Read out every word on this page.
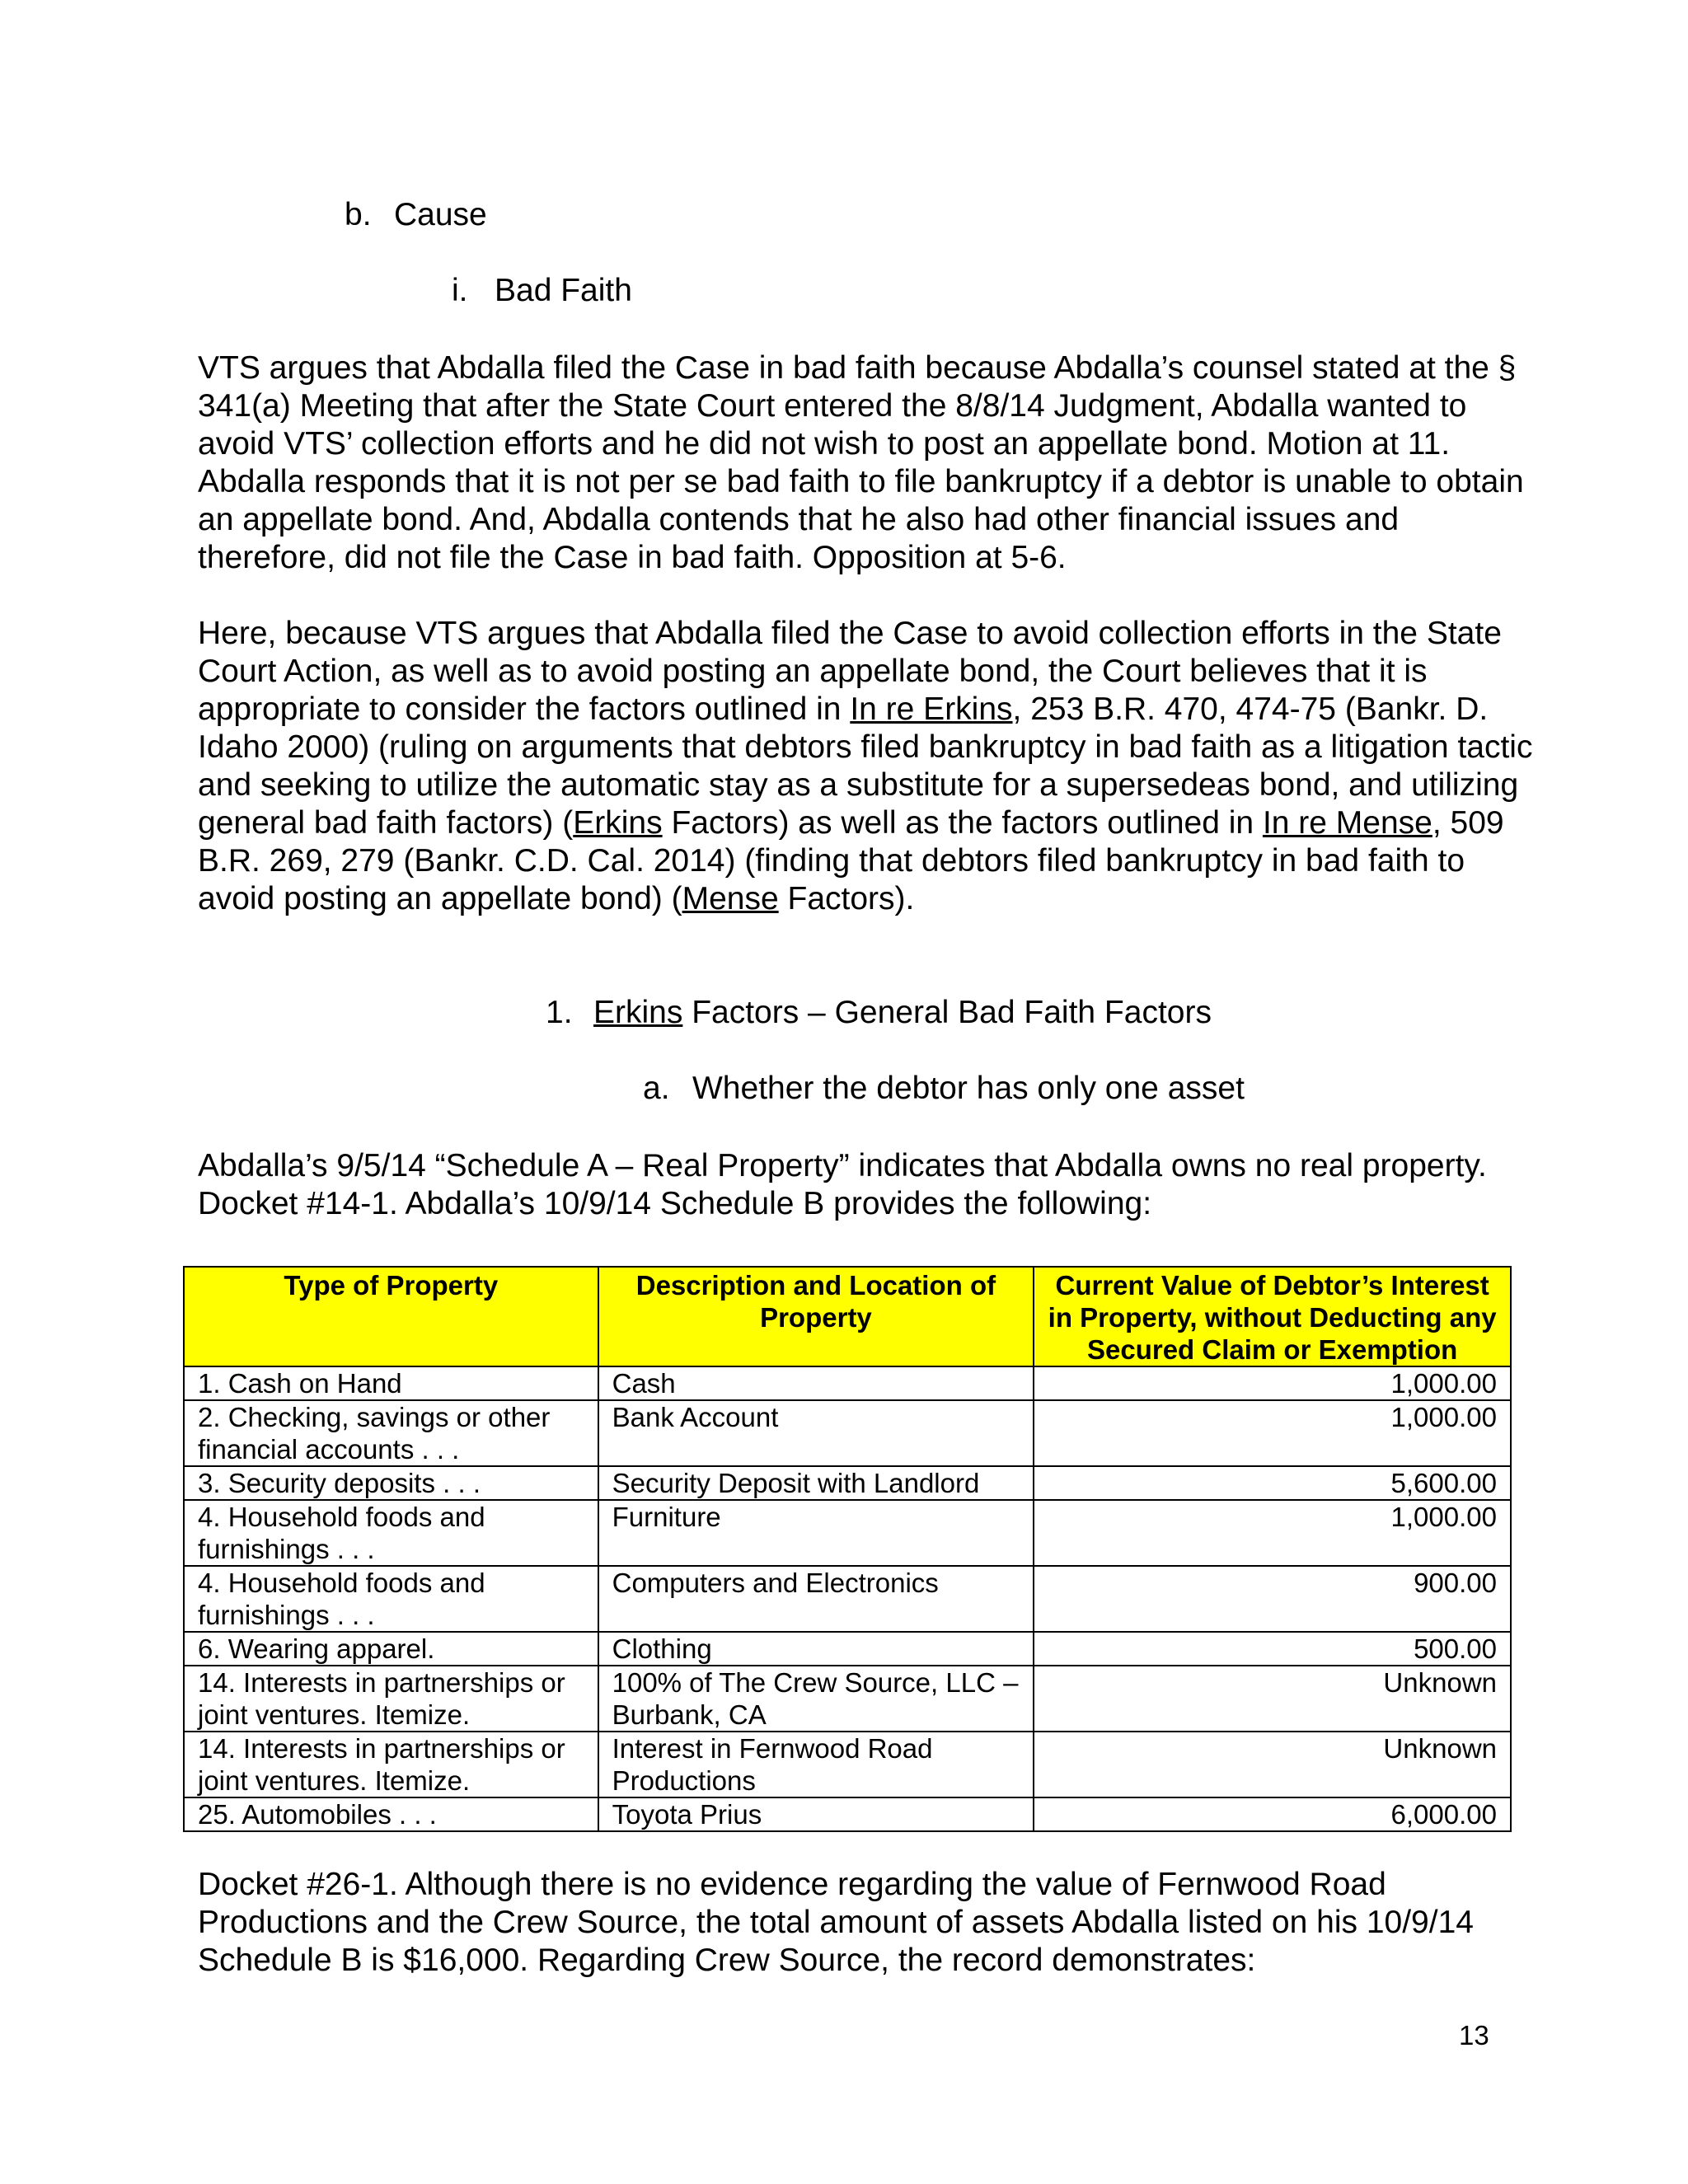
b. Cause
i. Bad Faith

VTS argues that Abdalla filed the Case in bad faith because Abdalla’s counsel stated at the § 341(a) Meeting that after the State Court entered the 8/8/14 Judgment, Abdalla wanted to avoid VTS’ collection efforts and he did not wish to post an appellate bond. Motion at 11. Abdalla responds that it is not per se bad faith to file bankruptcy if a debtor is unable to obtain an appellate bond. And, Abdalla contends that he also had other financial issues and therefore, did not file the Case in bad faith. Opposition at 5-6.

Here, because VTS argues that Abdalla filed the Case to avoid collection efforts in the State Court Action, as well as to avoid posting an appellate bond, the Court believes that it is appropriate to consider the factors outlined in In re Erkins, 253 B.R. 470, 474-75 (Bankr. D. Idaho 2000) (ruling on arguments that debtors filed bankruptcy in bad faith as a litigation tactic and seeking to utilize the automatic stay as a substitute for a supersedeas bond, and utilizing general bad faith factors) (Erkins Factors) as well as the factors outlined in In re Mense, 509 B.R. 269, 279 (Bankr. C.D. Cal. 2014) (finding that debtors filed bankruptcy in bad faith to avoid posting an appellate bond) (Mense Factors).

1. Erkins Factors – General Bad Faith Factors
a. Whether the debtor has only one asset

Abdalla’s 9/5/14 “Schedule A – Real Property” indicates that Abdalla owns no real property. Docket #14-1. Abdalla’s 10/9/14 Schedule B provides the following:

Type of Property	Description and Location of Property	Current Value of Debtor’s Interest in Property, without Deducting any Secured Claim or Exemption
1. Cash on Hand	Cash	1,000.00
2. Checking, savings or other financial accounts . . .	Bank Account	1,000.00
3. Security deposits . . .	Security Deposit with Landlord	5,600.00
4. Household foods and furnishings . . .	Furniture	1,000.00
4. Household foods and furnishings . . .	Computers and Electronics	900.00
6. Wearing apparel.	Clothing	500.00
14. Interests in partnerships or joint ventures. Itemize.	100% of The Crew Source, LLC – Burbank, CA	Unknown
14. Interests in partnerships or joint ventures. Itemize.	Interest in Fernwood Road Productions	Unknown
25. Automobiles . . .	Toyota Prius	6,000.00

Docket #26-1. Although there is no evidence regarding the value of Fernwood Road Productions and the Crew Source, the total amount of assets Abdalla listed on his 10/9/14 Schedule B is $16,000. Regarding Crew Source, the record demonstrates:

13
